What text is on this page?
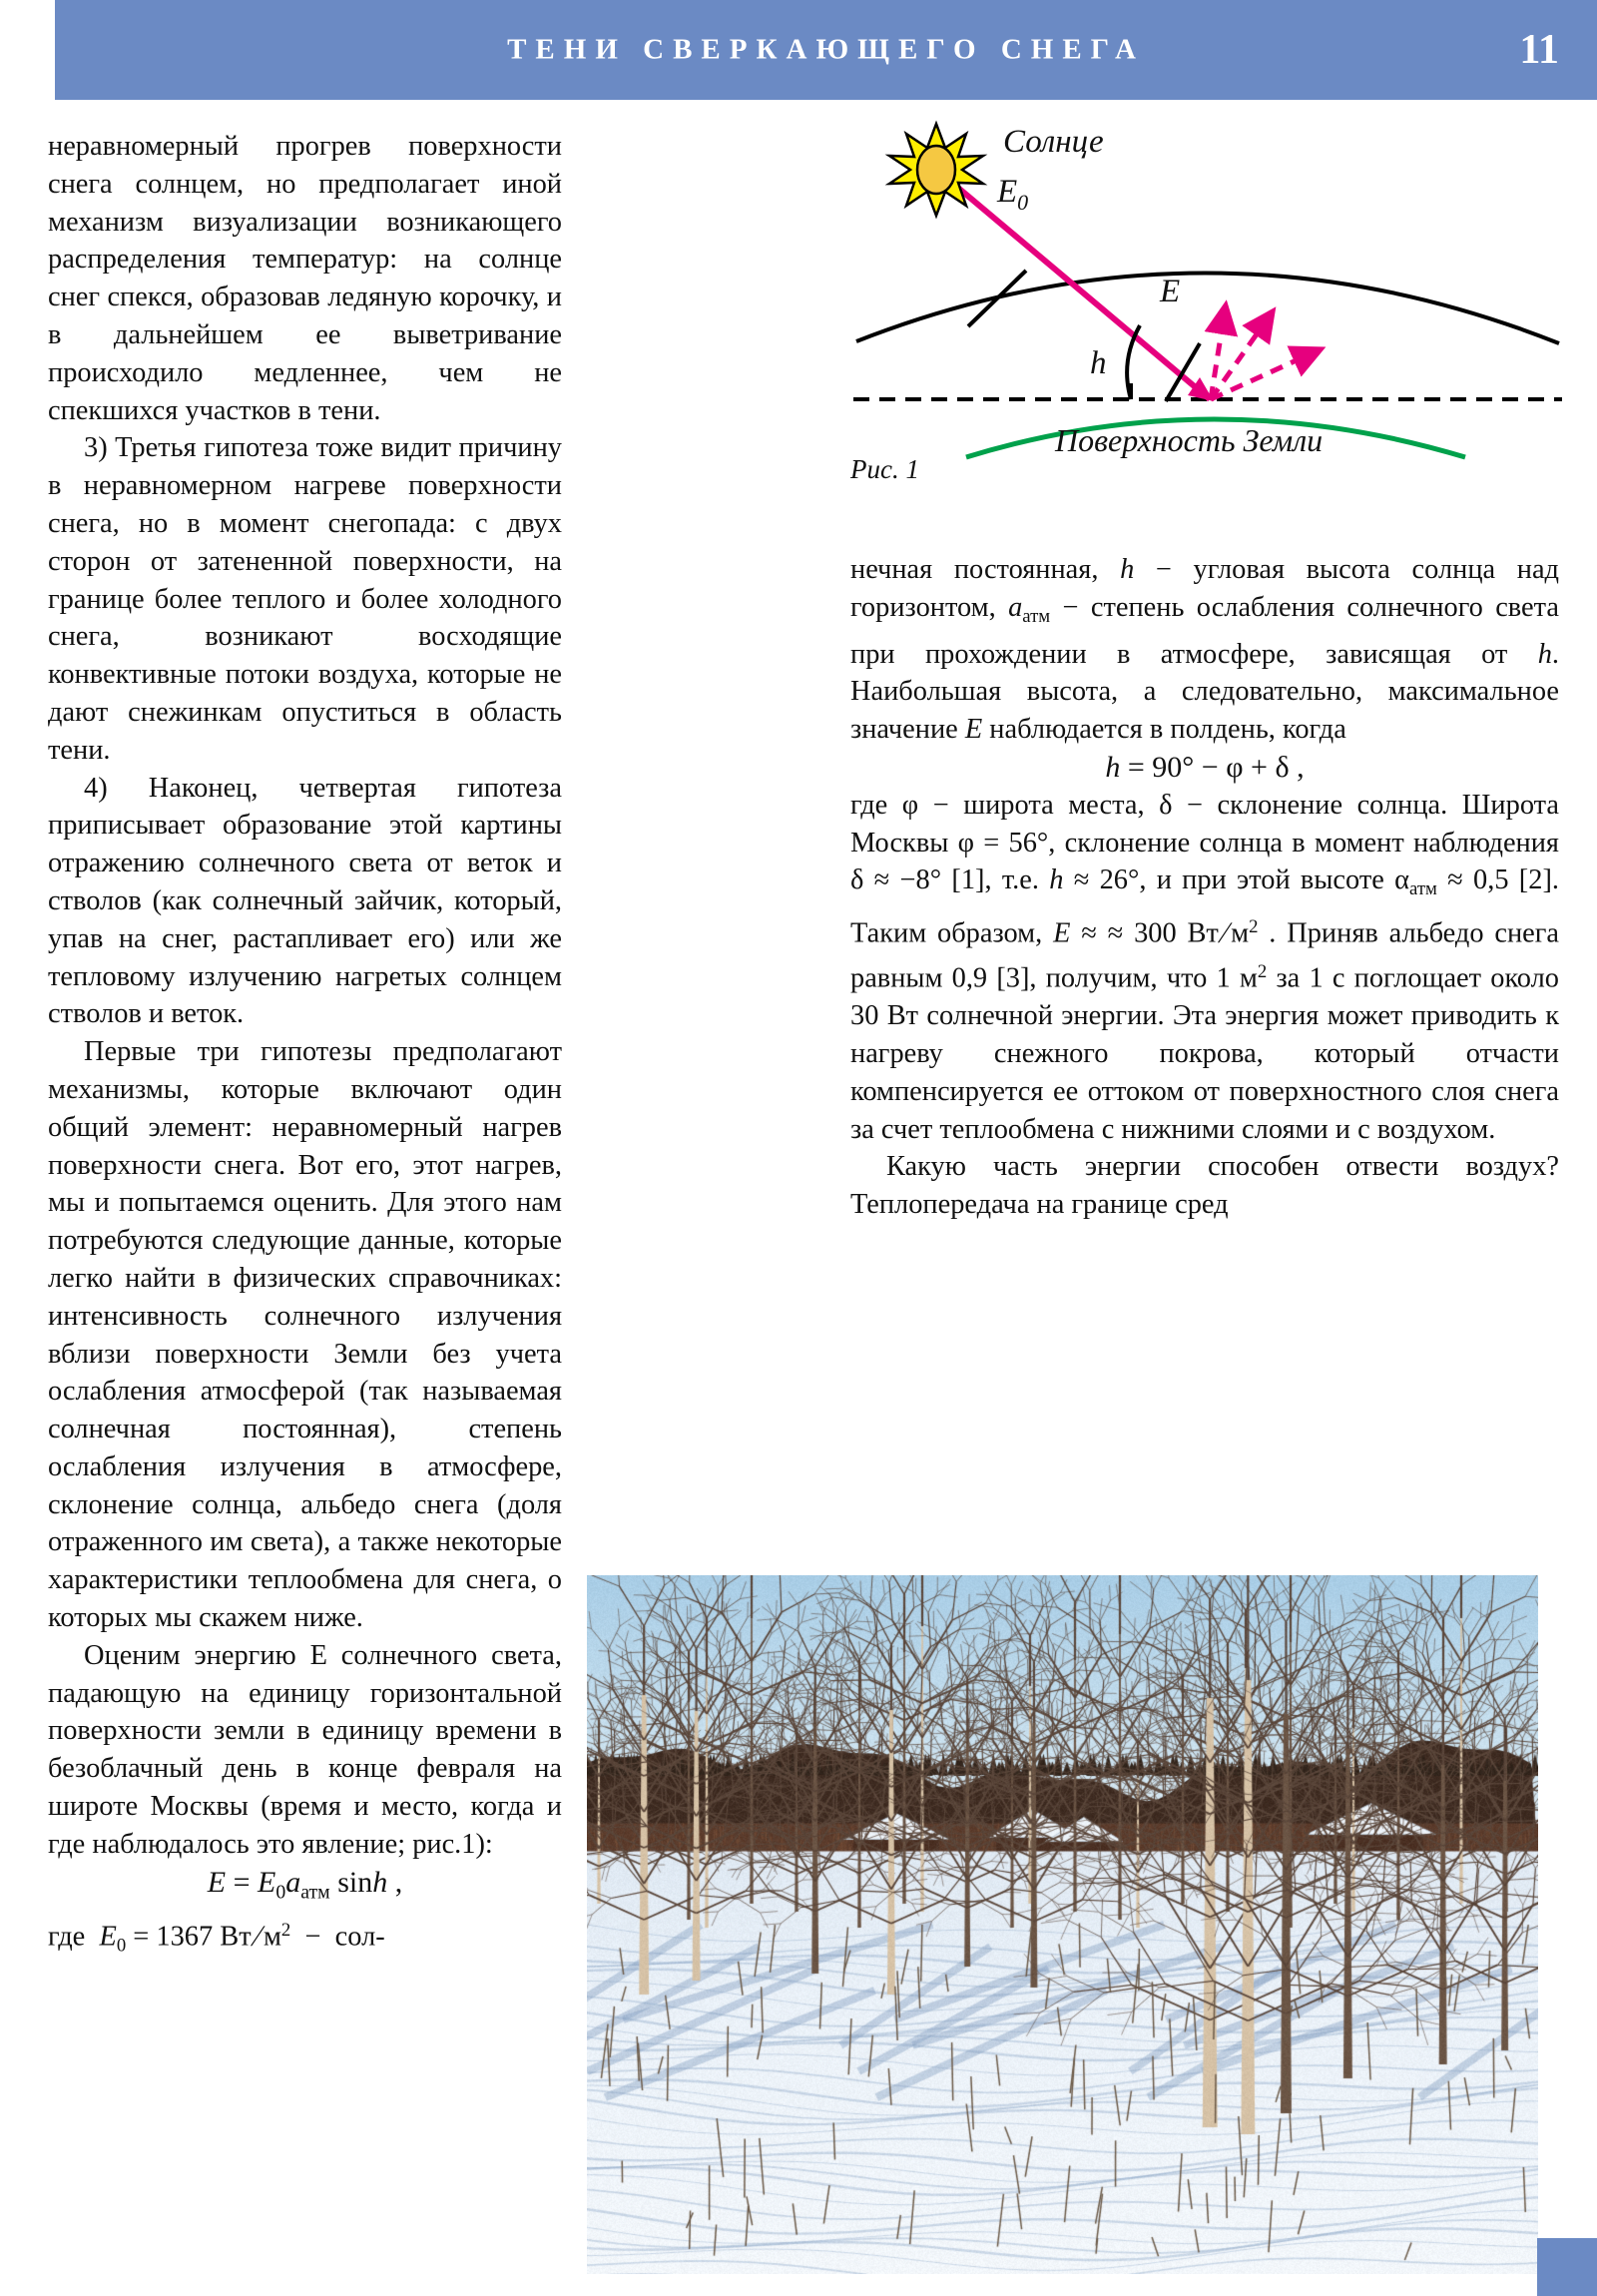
ТЕНИ СВЕРКАЮЩЕГО СНЕГА	11

неравномерный прогрев поверхности снега солнцем, но предполагает иной механизм визуализации возникающего распределения температур: на солнце снег спекся, образовав ледяную корочку, и в дальнейшем ее выветривание происходило медленнее, чем не спекшихся участков в тени.

3) Третья гипотеза тоже видит причину в неравномерном нагреве поверхности снега, но в момент снегопада: с двух сторон от затененной поверхности, на границе более теплого и более холодного снега, возникают восходящие конвективные потоки воздуха, которые не дают снежинкам опуститься в область тени.

4) Наконец, четвертая гипотеза приписывает образование этой картины отражению солнечного света от веток и стволов (как солнечный зайчик, который, упав на снег, растапливает его) или же тепловому излучению нагретых солнцем стволов и веток.

Первые три гипотезы предполагают механизмы, которые включают один общий элемент: неравномерный нагрев поверхности снега. Вот его, этот нагрев, мы и попытаемся оценить. Для этого нам потребуются следующие данные, которые легко найти в физических справочниках: интенсивность солнечного излучения вблизи поверхности Земли без учета ослабления атмосферой (так называемая солнечная постоянная), степень ослабления излучения в атмосфере, склонение солнца, альбедо снега (доля отраженного им света), а также некоторые характеристики теплообмена для снега, о которых мы скажем ниже.

Оценим энергию E солнечного света, падающую на единицу горизонтальной поверхности земли в единицу времени в безоблачный день в конце февраля на широте Москвы (время и место, когда и где наблюдалось это явление; рис.1):

$E = E_0a_{атм}$ sinh ,

где  $E_0 = 1367$ $Вт/м^2 - сол-$

Солнце
$E_0$
E
h
Поверхность Земли
Рис. 1

нечная постоянная, h − угловая высота солнца над горизонтом, $a_{атм}$ − степень ослабления солнечного света при прохождении в атмосфере, зависящая от h. Наибольшая высота, а следовательно, максимальное значение E наблюдается в полдень, когда

h = 90° − φ + δ ,

где φ − широта места, δ − склонение солнца. Широта Москвы φ = 56°, склонение солнца в момент наблюдения δ ≈ −8° [1], т.е. h ≈ 26°, и при этой высоте $\alpha_{атм} \approx 0,5$ [2]. Таким образом, E ≈ ≈ 300 $Вт/м^2$ . Приняв альбедо снега равным 0,9 [3], получим, что 1 $м^2$ за 1 с поглощает около 30 Вт солнечной энергии. Эта энергия может приводить к нагреву снежного покрова, который отчасти компенсируется ее оттоком от поверхностного слоя снега за счет теплообмена с нижними слоями и с воздухом.

Какую часть энергии способен отвести воздух? Теплопередача на границе сред
